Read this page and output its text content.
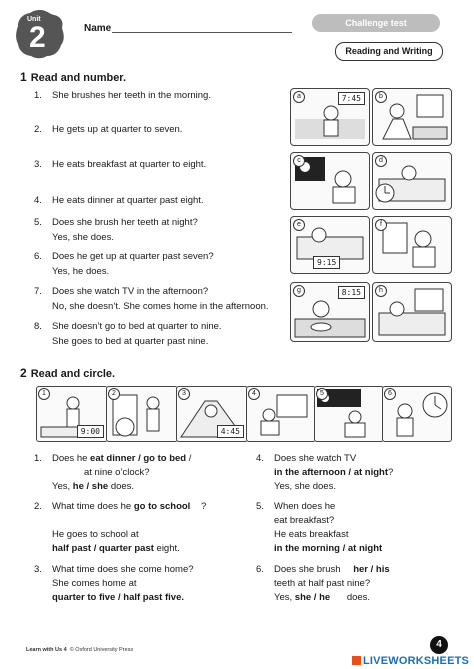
Unit
2	Name	Challenge test
Reading and Writing
1 Read and number.
1. She brushes her teeth in the morning.
2. He gets up at quarter to seven.
3. He eats breakfast at quarter to eight.
4. He eats dinner at quarter past eight.
5. Does she brush her teeth at night?
Yes, she does.
6. Does he get up at quarter past seven?
Yes, he does.
7. Does she watch TV in the afternoon?
No, she doesn’t. She comes home in the afternoon.
8. She doesn’t go to bed at quarter to nine.
She goes to bed at quarter past nine.
a	7:45	b
c	d
e
9:15
f
g	8:15	h
2 Read and circle.
1
9:00
2	3
4:45
4	5	6
1. Does he eat dinner / go to bed /
at nine o’clock?
Yes, he / she does.
2. What time does he go to school ?
He goes to school at
half past / quarter past eight.
3. What time does she come home?
She comes home at
quarter to five / half past five.
4. Does she watch TV
in the afternoon / at night?
Yes, she does.
5. When does he
eat breakfast?
He eats breakfast
in the morning / at night
6. Does she brush her / his
teeth at half past nine?
Yes, she / he does.
Learn with Us 4 © Oxford University Press	4
LIVEWORKSHEETS
